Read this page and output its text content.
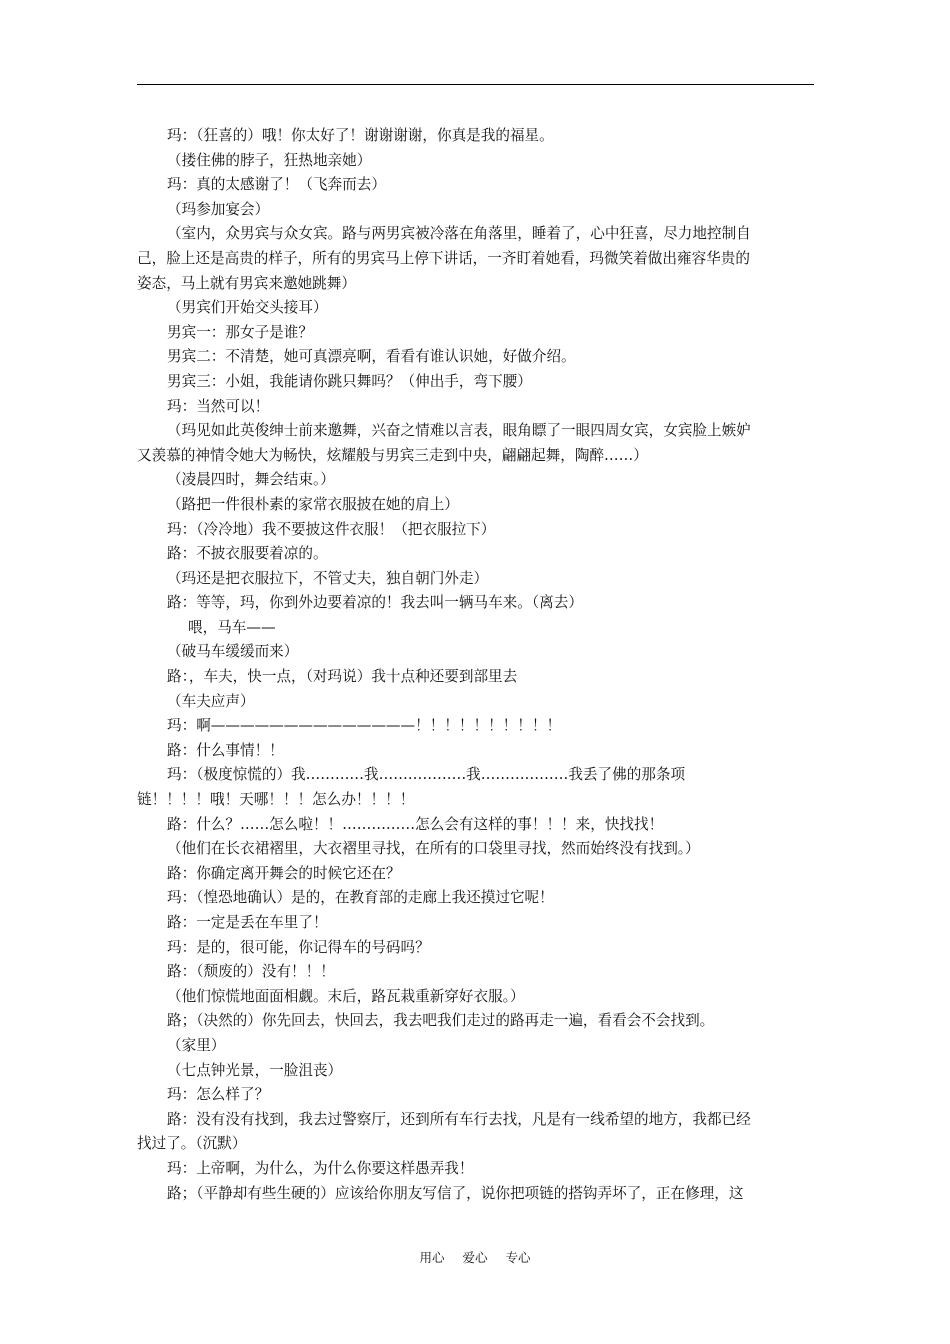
玛：（狂喜的）哦！你太好了！谢谢谢谢，你真是我的福星。
（搂住佛的脖子，狂热地亲她）
玛：真的太感谢了！（飞奔而去）
（玛参加宴会）
（室内，众男宾与众女宾。路与两男宾被冷落在角落里，睡着了，心中狂喜，尽力地控制自
己，脸上还是高贵的样子，所有的男宾马上停下讲话，一齐盯着她看，玛微笑着做出雍容华贵的
姿态，马上就有男宾来邀她跳舞）
（男宾们开始交头接耳）
男宾一：那女子是谁？
男宾二：不清楚，她可真漂亮啊，看看有谁认识她，好做介绍。
男宾三：小姐，我能请你跳只舞吗？（伸出手，弯下腰）
玛：当然可以！
（玛见如此英俊绅士前来邀舞，兴奋之情难以言表，眼角瞟了一眼四周女宾，女宾脸上嫉妒
又羡慕的神情令她大为畅快，炫耀般与男宾三走到中央，翩翩起舞，陶醉……）
（凌晨四时，舞会结束。）
（路把一件很朴素的家常衣服披在她的肩上）
玛：（冷冷地）我不要披这件衣服！（把衣服拉下）
路：不披衣服要着凉的。
（玛还是把衣服拉下，不管丈夫，独自朝门外走）
路：等等，玛，你到外边要着凉的！我去叫一辆马车来。（离去）
喂，马车——
（破马车缓缓而来）
路：，车夫，快一点，（对玛说）我十点种还要到部里去
（车夫应声）
玛：啊——————————————！！！！！！！！！！
路：什么事情！！
玛：（极度惊慌的）我…………我………………我………………我丢了佛的那条项
链！！！！哦！天哪！！！怎么办！！！！
路：什么？……怎么啦！！……………怎么会有这样的事！！！来，快找找！
（他们在长衣裙褶里，大衣褶里寻找，在所有的口袋里寻找，然而始终没有找到。）
路：你确定离开舞会的时候它还在？
玛：（惶恐地确认）是的，在教育部的走廊上我还摸过它呢！
路：一定是丢在车里了！
玛：是的，很可能，你记得车的号码吗？
路：（颓废的）没有！！！
（他们惊慌地面面相觑。末后，路瓦栽重新穿好衣服。）
路；（决然的）你先回去，快回去，我去吧我们走过的路再走一遍，看看会不会找到。
（家里）
（七点钟光景，一脸沮丧）
玛：怎么样了？
路：没有没有找到，我去过警察厅，还到所有车行去找，凡是有一线希望的地方，我都已经
找过了。（沉默）
玛：上帝啊，为什么，为什么你要这样愚弄我！
路；（平静却有些生硬的）应该给你朋友写信了，说你把项链的搭钩弄坏了，正在修理，这
用心 爱心 专心
